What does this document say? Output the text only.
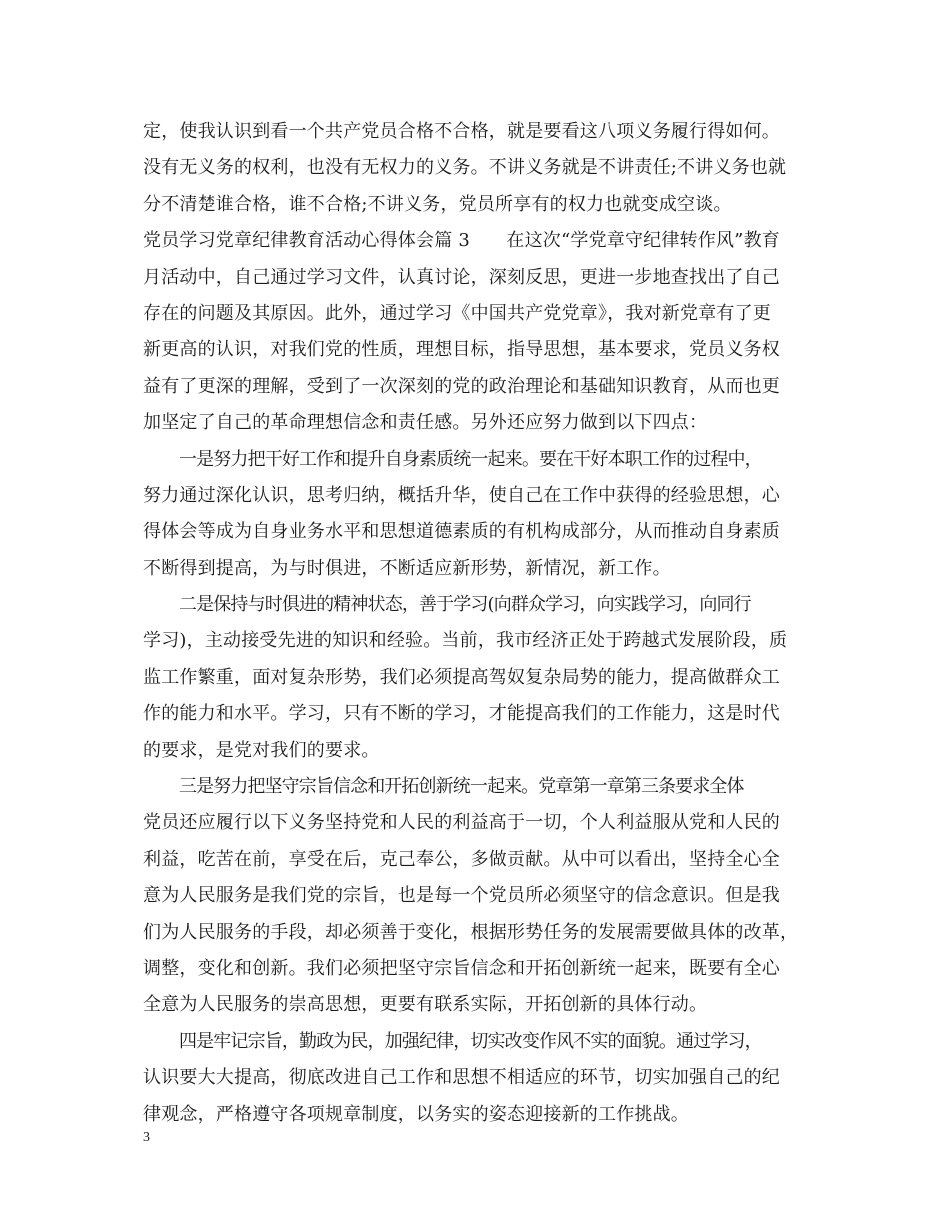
定，使我认识到看一个共产党员合格不合格，就是要看这八项义务履行得如何。
没有无义务的权利，也没有无权力的义务。不讲义务就是不讲责任;不讲义务也就
分不清楚谁合格，谁不合格;不讲义务，党员所享有的权力也就变成空谈。
党员学习党章纪律教育活动心得体会篇 3　　在这次“学党章守纪律转作风”教育
月活动中，自己通过学习文件，认真讨论，深刻反思，更进一步地查找出了自己
存在的问题及其原因。此外，通过学习《中国共产党党章》，我对新党章有了更
新更高的认识，对我们党的性质，理想目标，指导思想，基本要求，党员义务权
益有了更深的理解，受到了一次深刻的党的政治理论和基础知识教育，从而也更
加坚定了自己的革命理想信念和责任感。另外还应努力做到以下四点：
一是努力把干好工作和提升自身素质统一起来。要在干好本职工作的过程中，
努力通过深化认识，思考归纳，概括升华，使自己在工作中获得的经验思想，心
得体会等成为自身业务水平和思想道德素质的有机构成部分，从而推动自身素质
不断得到提高，为与时俱进，不断适应新形势，新情况，新工作。
二是保持与时俱进的精神状态，善于学习(向群众学习，向实践学习，向同行
学习)，主动接受先进的知识和经验。当前，我市经济正处于跨越式发展阶段，质
监工作繁重，面对复杂形势，我们必须提高驾奴复杂局势的能力，提高做群众工
作的能力和水平。学习，只有不断的学习，才能提高我们的工作能力，这是时代
的要求，是党对我们的要求。
三是努力把坚守宗旨信念和开拓创新统一起来。党章第一章第三条要求全体
党员还应履行以下义务坚持党和人民的利益高于一切，个人利益服从党和人民的
利益，吃苦在前，享受在后，克己奉公，多做贡献。从中可以看出，坚持全心全
意为人民服务是我们党的宗旨，也是每一个党员所必须坚守的信念意识。但是我
们为人民服务的手段，却必须善于变化，根据形势任务的发展需要做具体的改革，
调整，变化和创新。我们必须把坚守宗旨信念和开拓创新统一起来，既要有全心
全意为人民服务的崇高思想，更要有联系实际，开拓创新的具体行动。
四是牢记宗旨，勤政为民，加强纪律，切实改变作风不实的面貌。通过学习，
认识要大大提高，彻底改进自己工作和思想不相适应的环节，切实加强自己的纪
律观念，严格遵守各项规章制度，以务实的姿态迎接新的工作挑战。
3
